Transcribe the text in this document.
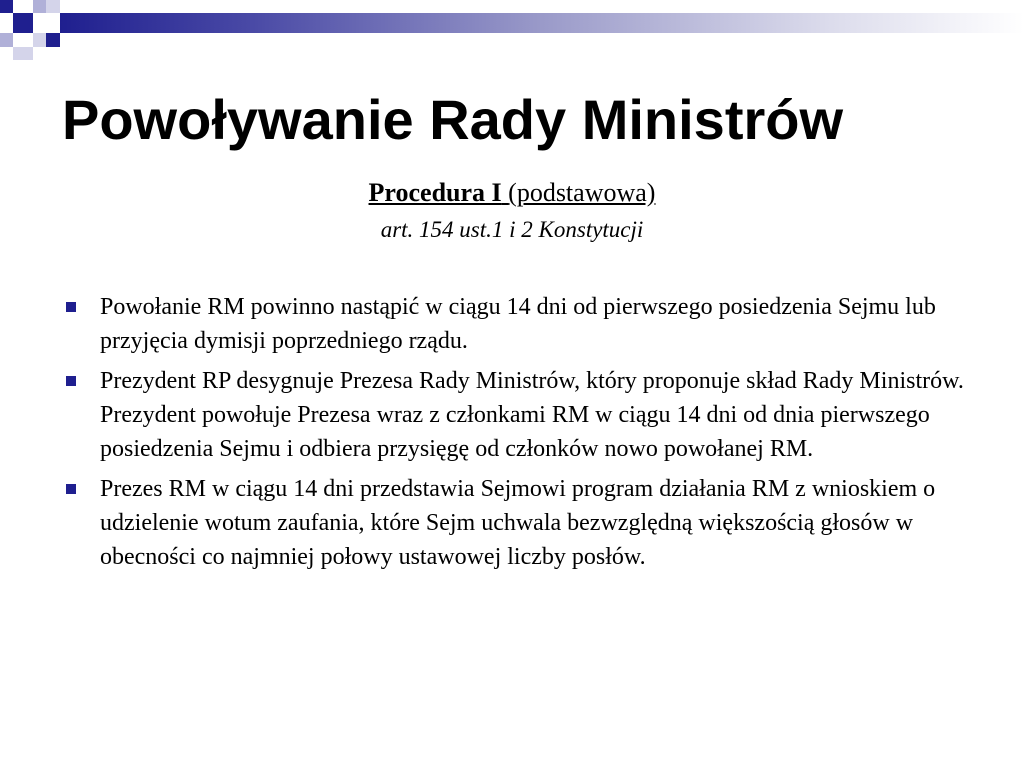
Powoływanie Rady Ministrów
Procedura I (podstawowa)
art. 154 ust.1 i 2 Konstytucji
Powołanie RM powinno nastąpić w ciągu 14 dni od pierwszego posiedzenia Sejmu lub przyjęcia dymisji poprzedniego rządu.
Prezydent RP desygnuje Prezesa Rady Ministrów, który proponuje skład Rady Ministrów. Prezydent powołuje Prezesa wraz z członkami RM w ciągu 14 dni od dnia pierwszego posiedzenia Sejmu i odbiera przysięgę od członków nowo powołanej RM.
Prezes RM w ciągu 14 dni przedstawia Sejmowi program działania RM z wnioskiem o udzielenie wotum zaufania, które Sejm uchwala bezwzględną większością głosów w obecności co najmniej połowy ustawowej liczby posłów.
